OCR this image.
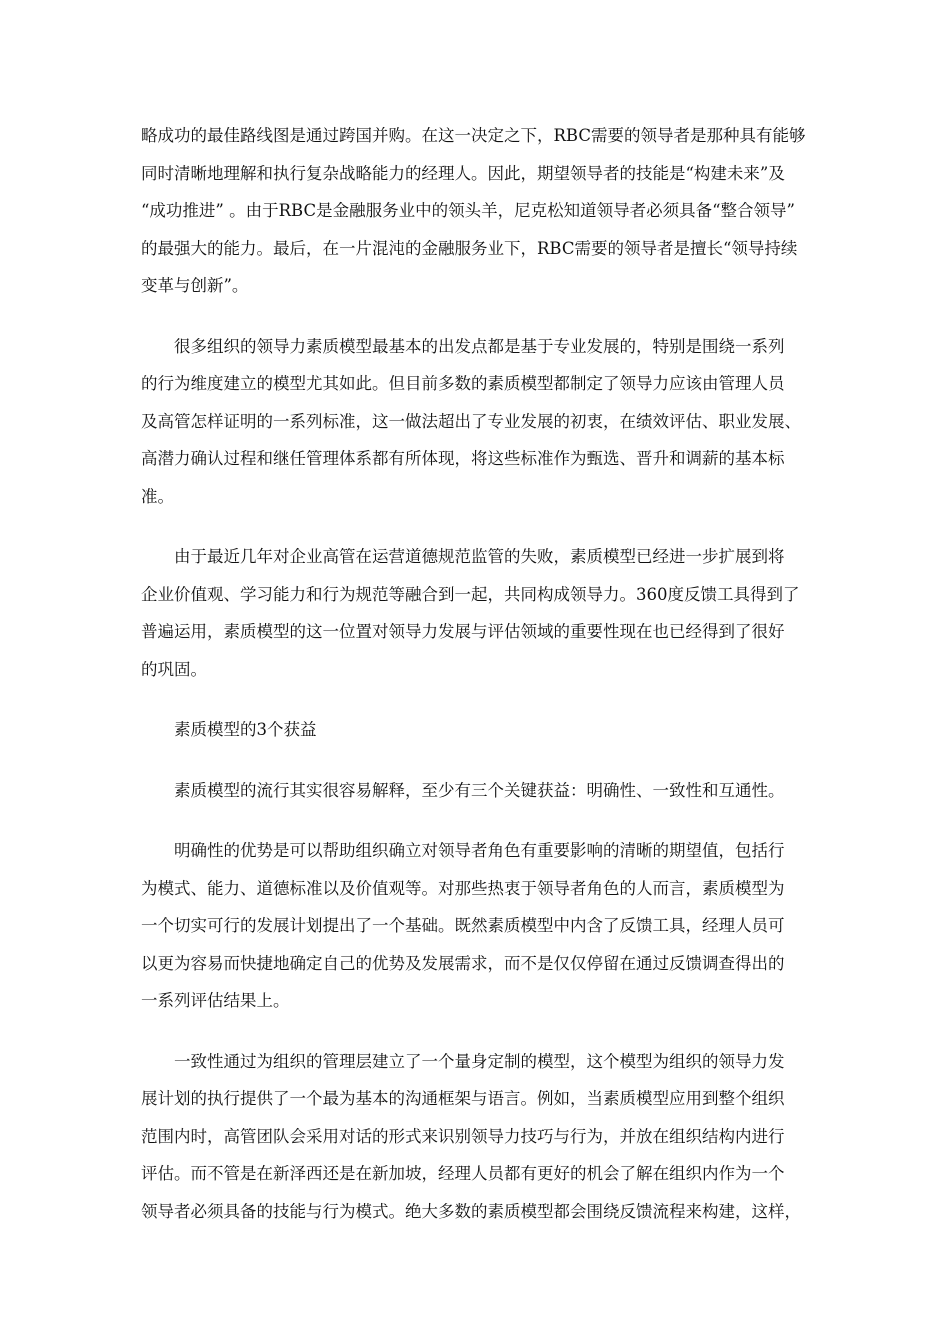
略成功的最佳路线图是通过跨国并购。在这一决定之下，RBC需要的领导者是那种具有能够
同时清晰地理解和执行复杂战略能力的经理人。因此，期望领导者的技能是“构建未来”及
“成功推进” 。由于RBC是金融服务业中的领头羊，尼克松知道领导者必须具备“整合领导”
的最强大的能力。最后，在一片混沌的金融服务业下，RBC需要的领导者是擅长“领导持续
变革与创新”。
很多组织的领导力素质模型最基本的出发点都是基于专业发展的，特别是围绕一系列
的行为维度建立的模型尤其如此。但目前多数的素质模型都制定了领导力应该由管理人员
及高管怎样证明的一系列标准，这一做法超出了专业发展的初衷，在绩效评估、职业发展、
高潜力确认过程和继任管理体系都有所体现，将这些标准作为甄选、晋升和调薪的基本标
准。
由于最近几年对企业高管在运营道德规范监管的失败，素质模型已经进一步扩展到将
企业价值观、学习能力和行为规范等融合到一起，共同构成领导力。360度反馈工具得到了
普遍运用，素质模型的这一位置对领导力发展与评估领域的重要性现在也已经得到了很好
的巩固。
素质模型的3个获益
素质模型的流行其实很容易解释，至少有三个关键获益：明确性、一致性和互通性。
明确性的优势是可以帮助组织确立对领导者角色有重要影响的清晰的期望值，包括行
为模式、能力、道德标准以及价值观等。对那些热衷于领导者角色的人而言，素质模型为
一个切实可行的发展计划提出了一个基础。既然素质模型中内含了反馈工具，经理人员可
以更为容易而快捷地确定自己的优势及发展需求，而不是仅仅停留在通过反馈调查得出的
一系列评估结果上。
一致性通过为组织的管理层建立了一个量身定制的模型，这个模型为组织的领导力发
展计划的执行提供了一个最为基本的沟通框架与语言。例如，当素质模型应用到整个组织
范围内时，高管团队会采用对话的形式来识别领导力技巧与行为，并放在组织结构内进行
评估。而不管是在新泽西还是在新加坡，经理人员都有更好的机会了解在组织内作为一个
领导者必须具备的技能与行为模式。绝大多数的素质模型都会围绕反馈流程来构建，这样，
